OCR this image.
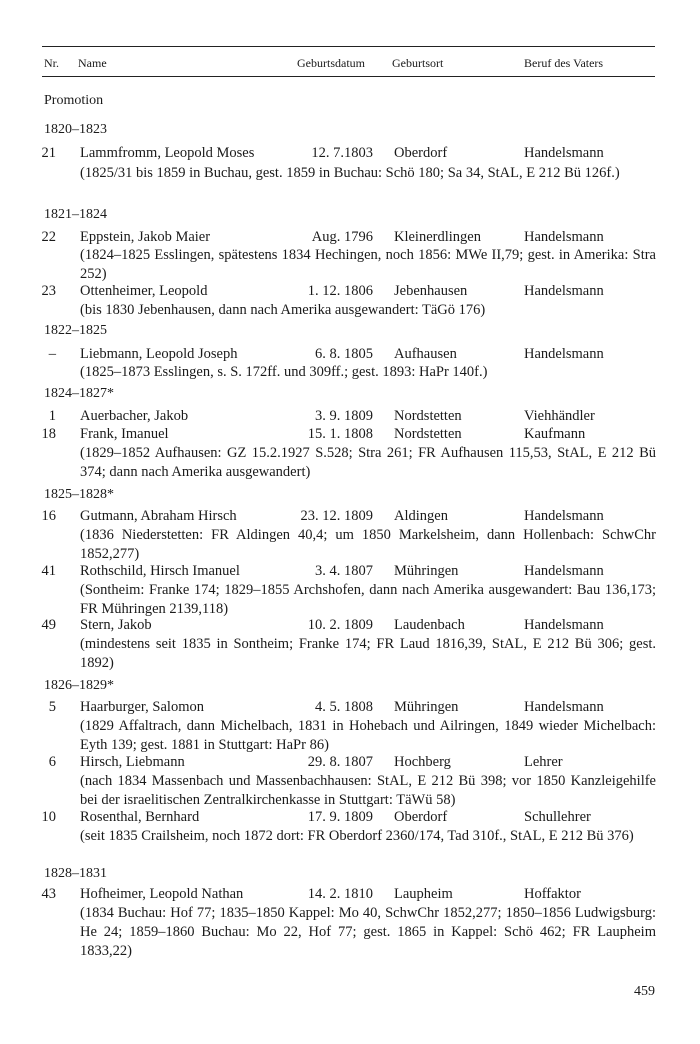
Nr. Name	Geburtsdatum Geburtsort	Beruf des Vaters
Promotion
1820–1823
21 Lammfromm, Leopold Moses	12. 7.1803 Oberdorf	Handelsmann
(1825/31 bis 1859 in Buchau, gest. 1859 in Buchau: Schö 180; Sa 34, StAL, E 212 Bü 126f.)
1821–1824
22 Eppstein, Jakob Maier	Aug. 1796 Kleinerdlingen	Handelsmann
(1824–1825 Esslingen, spätestens 1834 Hechingen, noch 1856: MWe II,79; gest. in Amerika: Stra 252)
23 Ottenheimer, Leopold	1. 12. 1806 Jebenhausen	Handelsmann
(bis 1830 Jebenhausen, dann nach Amerika ausgewandert: TäGö 176)
1822–1825
– Liebmann, Leopold Joseph	6. 8. 1805 Aufhausen	Handelsmann
(1825–1873 Esslingen, s. S. 172ff. und 309ff.; gest. 1893: HaPr 140f.)
1824–1827*
1 Auerbacher, Jakob	3. 9. 1809 Nordstetten	Viehhändler
18 Frank, Imanuel	15. 1. 1808 Nordstetten	Kaufmann
(1829–1852 Aufhausen: GZ 15.2.1927 S.528; Stra 261; FR Aufhausen 115,53, StAL, E 212 Bü 374; dann nach Amerika ausgewandert)
1825–1828*
16 Gutmann, Abraham Hirsch	23. 12. 1809 Aldingen	Handelsmann
(1836 Niederstetten: FR Aldingen 40,4; um 1850 Markelsheim, dann Hollenbach: SchwChr 1852,277)
41 Rothschild, Hirsch Imanuel	3. 4. 1807 Mühringen	Handelsmann
(Sontheim: Franke 174; 1829–1855 Archshofen, dann nach Amerika ausgewandert: Bau 136,173; FR Mühringen 2139,118)
49 Stern, Jakob	10. 2. 1809 Laudenbach	Handelsmann
(mindestens seit 1835 in Sontheim; Franke 174; FR Laud 1816,39, StAL, E 212 Bü 306; gest. 1892)
1826–1829*
5 Haarburger, Salomon	4. 5. 1808 Mühringen	Handelsmann
(1829 Affaltrach, dann Michelbach, 1831 in Hohebach und Ailringen, 1849 wieder Michelbach: Eyth 139; gest. 1881 in Stuttgart: HaPr 86)
6 Hirsch, Liebmann	29. 8. 1807 Hochberg	Lehrer
(nach 1834 Massenbach und Massenbachhausen: StAL, E 212 Bü 398; vor 1850 Kanzleigehilfe bei der israelitischen Zentralkirchenkasse in Stuttgart: TäWü 58)
10 Rosenthal, Bernhard	17. 9. 1809 Oberdorf	Schullehrer
(seit 1835 Crailsheim, noch 1872 dort: FR Oberdorf 2360/174, Tad 310f., StAL, E 212 Bü 376)
1828–1831
43 Hofheimer, Leopold Nathan	14. 2. 1810 Laupheim	Hoffaktor
(1834 Buchau: Hof 77; 1835–1850 Kappel: Mo 40, SchwChr 1852,277; 1850–1856 Ludwigsburg: He 24; 1859–1860 Buchau: Mo 22, Hof 77; gest. 1865 in Kappel: Schö 462; FR Laupheim 1833,22)
459
